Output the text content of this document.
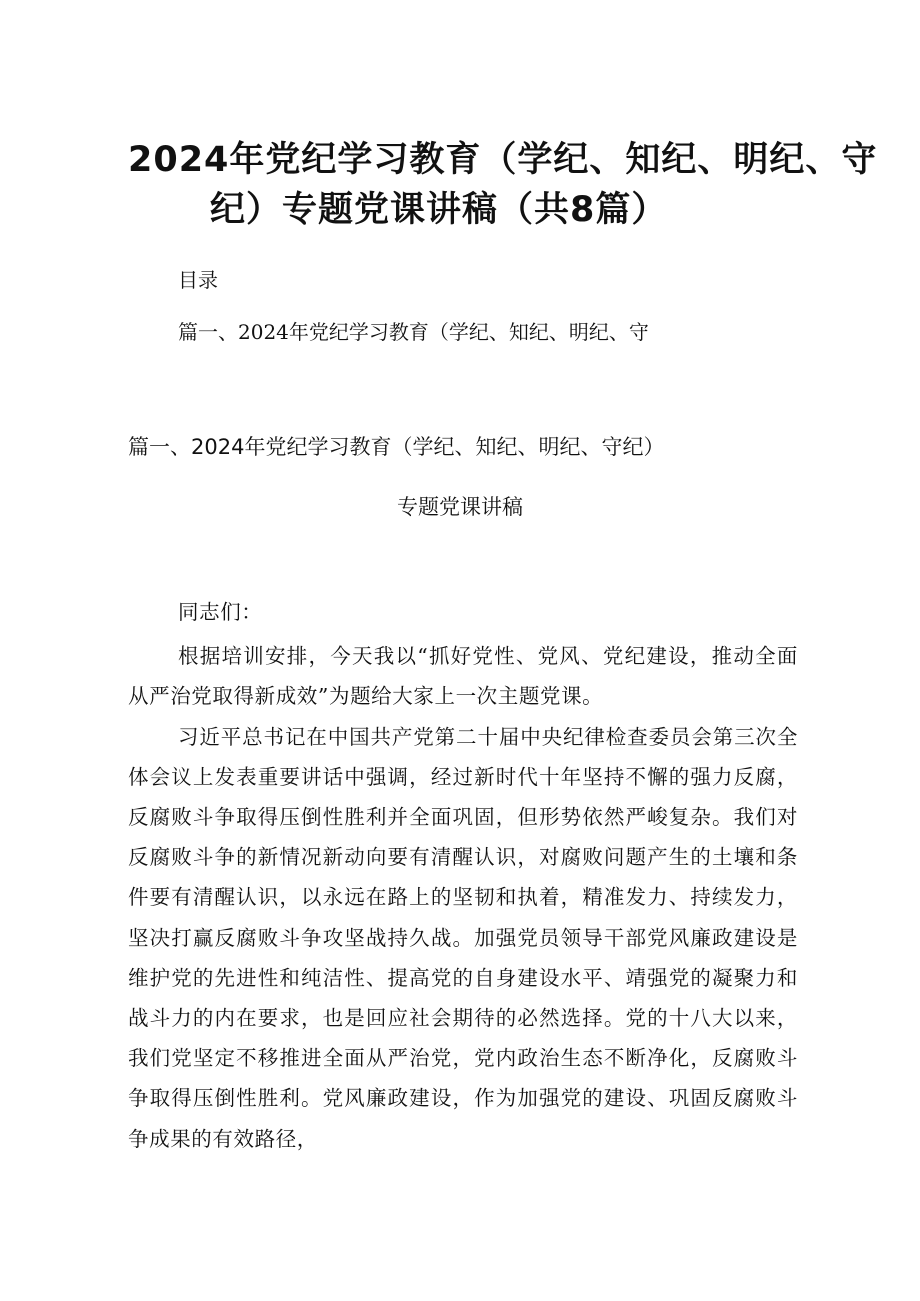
2024年党纪学习教育（学纪、知纪、明纪、守
纪）专题党课讲稿（共8篇）

目录

篇一、2024年党纪学习教育（学纪、知纪、明纪、守
篇一、2024年党纪学习教育（学纪、知纪、明纪、守纪）
专题党课讲稿

同志们：

根据培训安排，今天我以“抓好党性、党风、党纪建设，推动全面从严治党取得新成效”为题给大家上一次主题党课。

习近平总书记在中国共产党第二十届中央纪律检查委员会第三次全体会议上发表重要讲话中强调，经过新时代十年坚持不懈的强力反腐，反腐败斗争取得压倒性胜利并全面巩固，但形势依然严峻复杂。我们对反腐败斗争的新情况新动向要有清醒认识，对腐败问题产生的土壤和条件要有清醒认识，以永远在路上的坚韧和执着，精准发力、持续发力，坚决打赢反腐败斗争攻坚战持久战。加强党员领导干部党风廉政建设是维护党的先进性和纯洁性、提高党的自身建设水平、靖强党的凝聚力和战斗力的内在要求，也是回应社会期待的必然选择。党的十八大以来，我们党坚定不移推进全面从严治党，党内政治生态不断净化，反腐败斗争取得压倒性胜利。党风廉政建设，作为加强党的建设、巩固反腐败斗争成果的有效路径，
